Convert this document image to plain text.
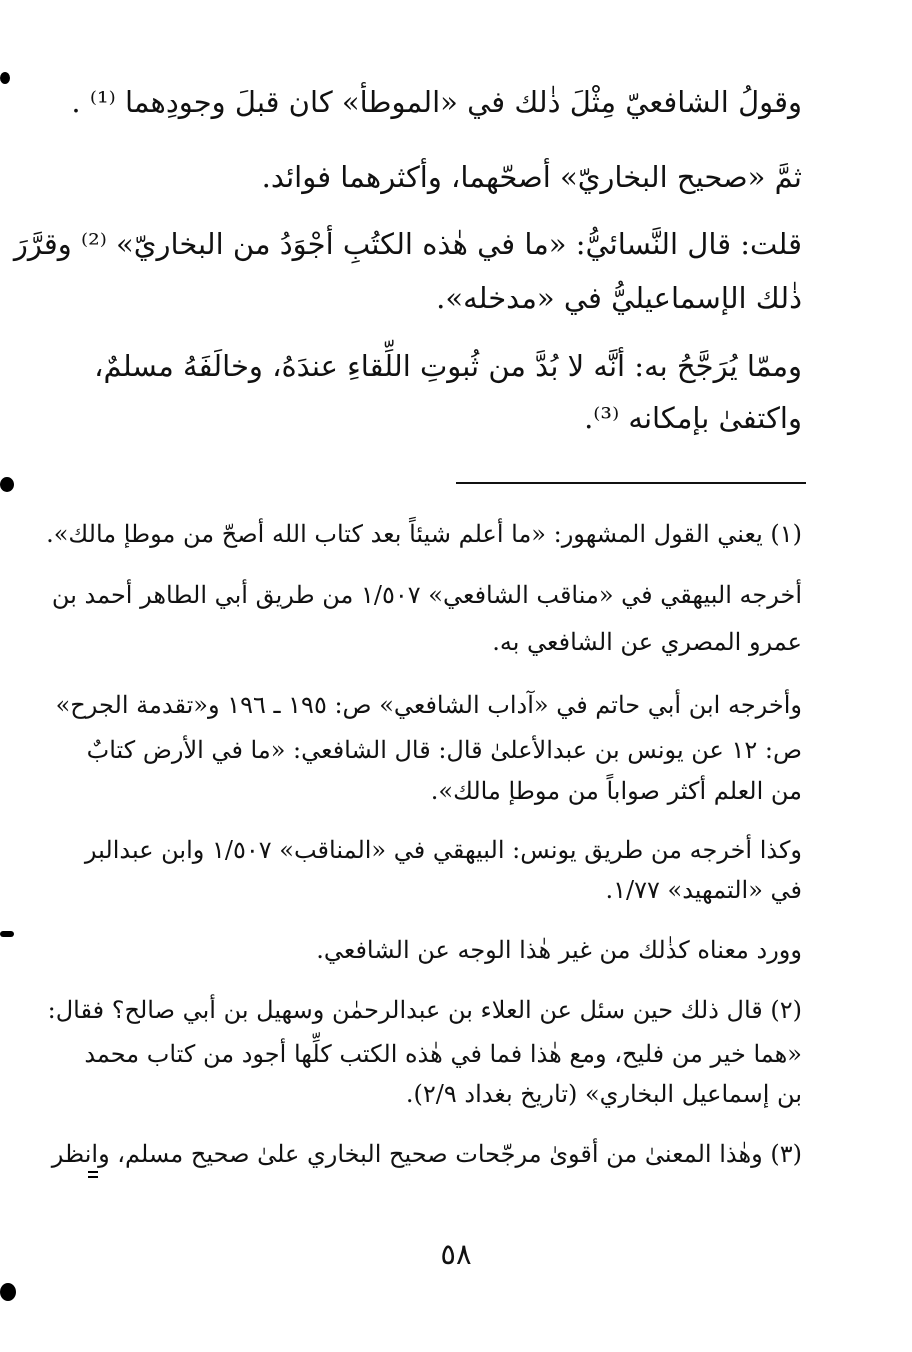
وقولُ الشافعيّ مِثْلَ ذٰلك في «الموطأ» كان قبلَ وجودِهما ⁽¹⁾ .
ثمَّ «صحيح البخاريّ» أصحّهما، وأكثرهما فوائد.
قلت: قال النَّسائيُّ: «ما في هٰذه الكتُبِ أجْوَدُ من البخاريّ» ⁽²⁾ وقرَّرَ
ذٰلك الإسماعيليُّ في «مدخله».
وممّا يُرَجَّحُ به: أنَّه لا بُدَّ من ثُبوتِ اللِّقاءِ عندَهُ، وخالَفَهُ مسلمٌ،
واكتفىٰ بإمكانه ⁽³⁾.
(١) يعني القول المشهور: «ما أعلم شيئاً بعد كتاب الله أصحّ من موطإ مالك».
أخرجه البيهقي في «مناقب الشافعي» ١/٥٠٧ من طريق أبي الطاهر أحمد بن
عمرو المصري عن الشافعي به.
وأخرجه ابن أبي حاتم في «آداب الشافعي» ص: ١٩٥ ـ ١٩٦ و«تقدمة الجرح»
ص: ١٢ عن يونس بن عبدالأعلىٰ قال: قال الشافعي: «ما في الأرض كتابٌ
من العلم أكثر صواباً من موطإ مالك».
وكذا أخرجه من طريق يونس: البيهقي في «المناقب» ١/٥٠٧ وابن عبدالبر
في «التمهيد» ١/٧٧.
وورد معناه كذٰلك من غير هٰذا الوجه عن الشافعي.
(٢) قال ذلك حين سئل عن العلاء بن عبدالرحمٰن وسهيل بن أبي صالح؟ فقال:
«هما خير من فليح، ومع هٰذا فما في هٰذه الكتب كلِّها أجود من كتاب محمد
بن إسماعيل البخاري» (تاريخ بغداد ٢/٩).
(٣) وهٰذا المعنىٰ من أقوىٰ مرجّحات صحيح البخاري علىٰ صحيح مسلم، وانظر
٥٨
